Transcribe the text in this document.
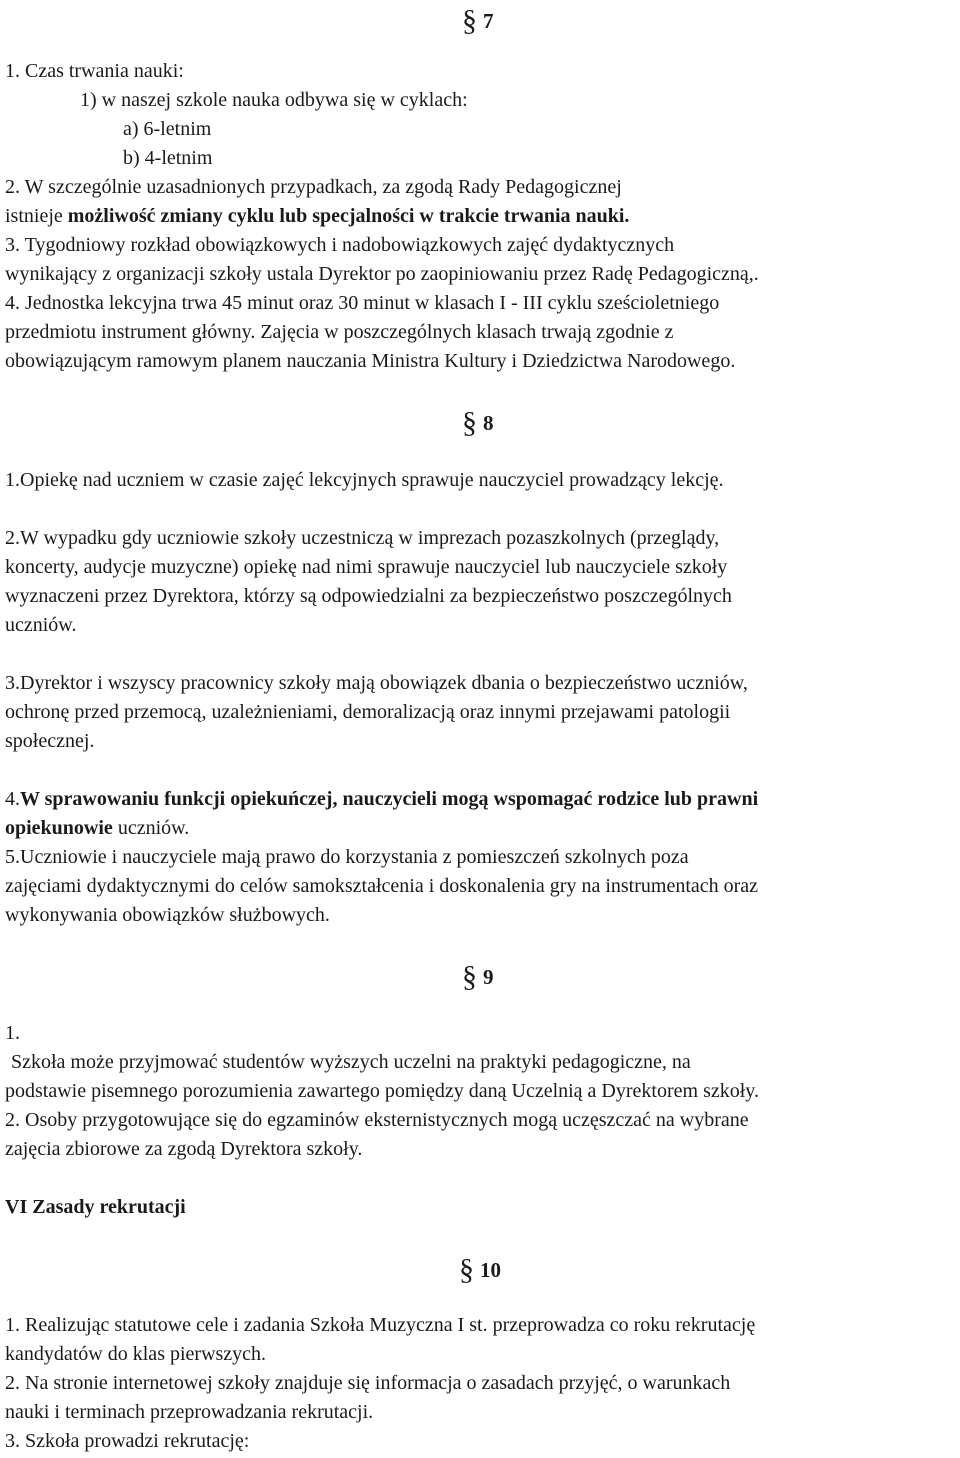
§ 7
1. Czas trwania nauki:
1) w naszej szkole nauka odbywa się w cyklach:
a) 6-letnim
b) 4-letnim
2. W szczególnie uzasadnionych przypadkach, za zgodą Rady Pedagogicznej
istnieje możliwość zmiany cyklu lub specjalności w trakcie trwania nauki.
3. Tygodniowy rozkład obowiązkowych i nadobowiązkowych zajęć dydaktycznych
wynikający z organizacji szkoły ustala Dyrektor po zaopiniowaniu przez Radę Pedagogiczną,.
4. Jednostka lekcyjna trwa 45 minut oraz 30 minut w klasach I - III cyklu sześcioletniego
przedmiotu instrument główny. Zajęcia w poszczególnych klasach trwają zgodnie z
obowiązującym ramowym planem nauczania Ministra Kultury i Dziedzictwa Narodowego.
§ 8
1.Opiekę nad uczniem w czasie zajęć lekcyjnych sprawuje nauczyciel prowadzący lekcję.
2.W wypadku gdy uczniowie szkoły uczestniczą w imprezach pozaszkolnych (przeglądy,
koncerty, audycje muzyczne) opiekę nad nimi sprawuje nauczyciel lub nauczyciele szkoły
wyznaczeni przez Dyrektora, którzy są odpowiedzialni za bezpieczeństwo poszczególnych
uczniów.
3.Dyrektor i wszyscy pracownicy szkoły mają obowiązek dbania o bezpieczeństwo uczniów,
ochronę przed przemocą, uzależnieniami, demoralizacją oraz innymi przejawami patologii
społecznej.
4.W sprawowaniu funkcji opiekuńczej, nauczycieli mogą wspomagać rodzice lub prawni
opiekunowie uczniów.
5.Uczniowie i nauczyciele mają prawo do korzystania z pomieszczeń szkolnych poza
zajęciami dydaktycznymi do celów samokształcenia i doskonalenia gry na instrumentach oraz
wykonywania obowiązków służbowych.
§ 9
1.
Szkoła może przyjmować studentów wyższych uczelni na praktyki pedagogiczne, na
podstawie pisemnego porozumienia zawartego pomiędzy daną Uczelnią a Dyrektorem szkoły.
2. Osoby przygotowujące się do egzaminów eksternistycznych mogą uczęszczać na wybrane
zajęcia zbiorowe za zgodą Dyrektora szkoły.
VI Zasady rekrutacji
§ 10
1. Realizując statutowe cele i zadania Szkoła Muzyczna I st. przeprowadza co roku rekrutację
kandydatów do klas pierwszych.
2. Na stronie internetowej szkoły znajduje się informacja o zasadach przyjęć, o warunkach
nauki i terminach przeprowadzania rekrutacji.
3. Szkoła prowadzi rekrutację:
